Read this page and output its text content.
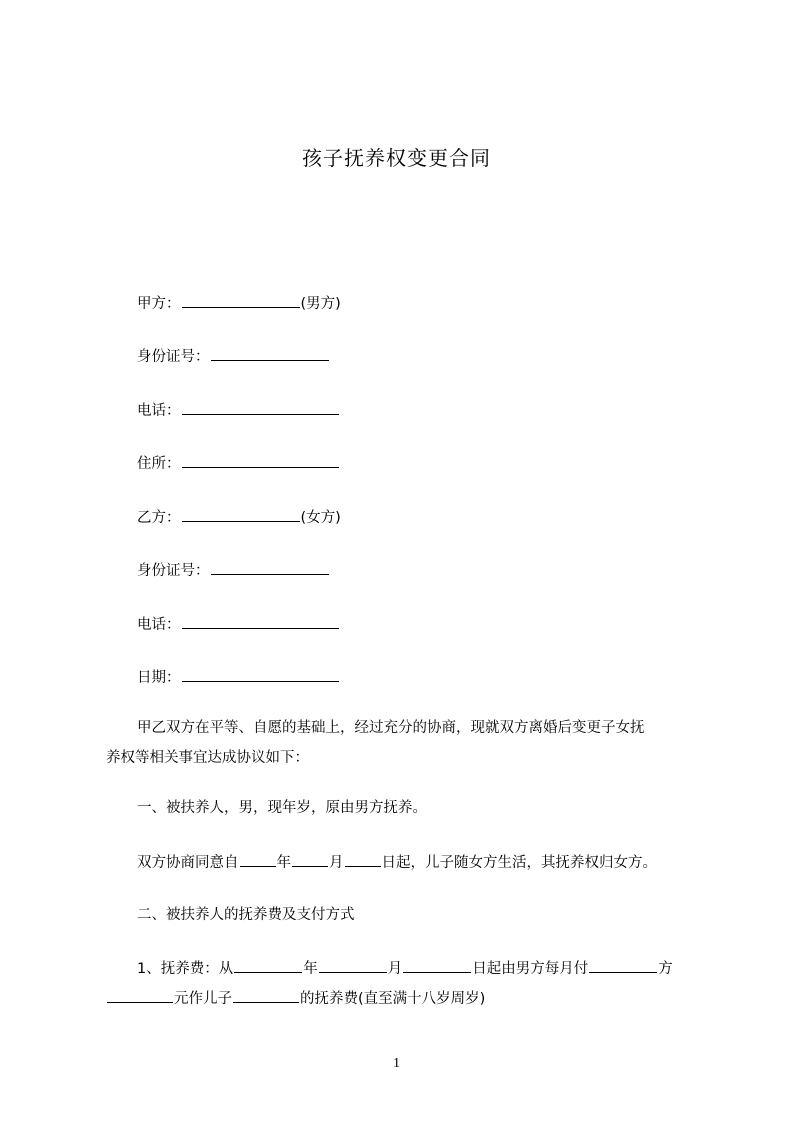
孩子抚养权变更合同
甲方：	(男方)
身份证号：
电话：
住所：
乙方：	(女方)
身份证号：
电话：
日期：
甲乙双方在平等、自愿的基础上，经过充分的协商，现就双方离婚后变更子女抚
养权等相关事宜达成协议如下：
一、被扶养人，男，现年岁，原由男方抚养。
双方协商同意自	年	月	日起，儿子随女方生活，其抚养权归女方。
二、被扶养人的抚养费及支付方式
1、抚养费：从	年	月	日起由男方每月付	方
元作儿子	的抚养费(直至满十八岁周岁)
1
